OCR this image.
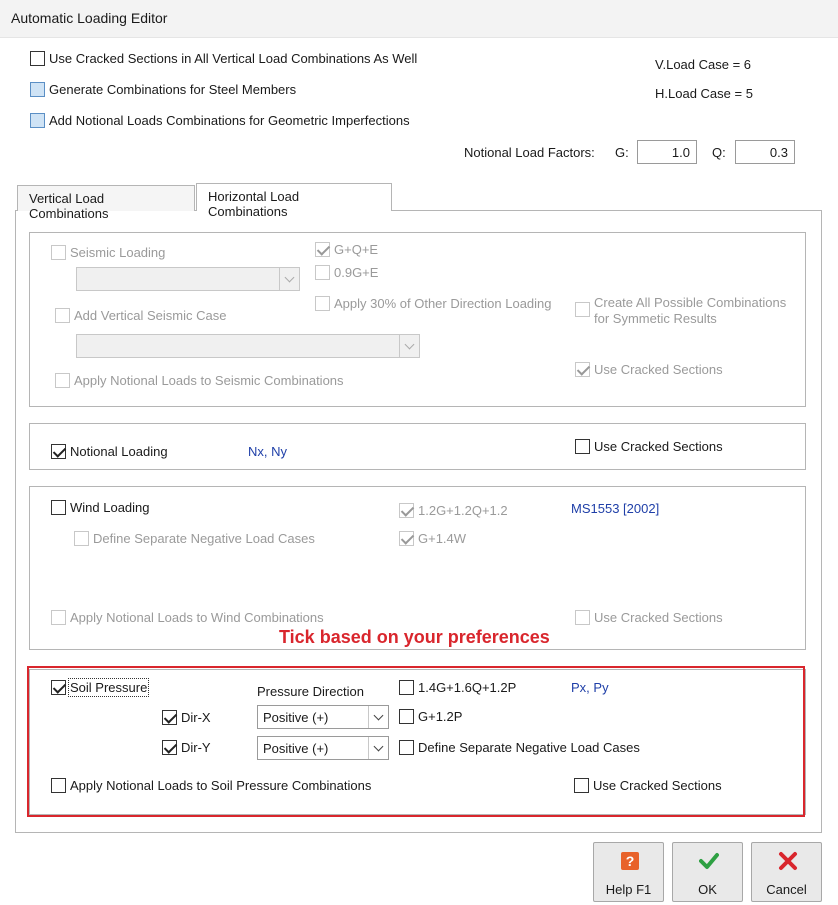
Automatic Loading Editor
Use Cracked Sections in All Vertical Load Combinations As Well
Generate Combinations for Steel Members
Add Notional Loads Combinations for Geometric Imperfections
V.Load Case = 6
H.Load Case = 5
Notional Load Factors: G:	1.0	Q:	0.3
Vertical Load Combinations
Horizontal Load Combinations
Seismic Loading	G+Q+E
0.9G+E
Apply 30% of Other Direction Loading	Create All Possible Combinations
for Symmetic Results
Add Vertical Seismic Case
Apply Notional Loads to Seismic Combinations
Use Cracked Sections
Notional Loading	Nx, Ny	Use Cracked Sections
Wind Loading	1.2G+1.2Q+1.2	MS1553 [2002]
Define Separate Negative Load Cases	G+1.4W
Apply Notional Loads to Wind Combinations	Use Cracked Sections
Tick based on your preferences
Soil Pressure	Pressure Direction	1.4G+1.6Q+1.2P	Px, Py
Dir-X	Positive (+)	G+1.2P
Dir-Y	Positive (+)	Define Separate Negative Load Cases
Apply Notional Loads to Soil Pressure Combinations	Use Cracked Sections
?
Help F1	OK	Cancel
